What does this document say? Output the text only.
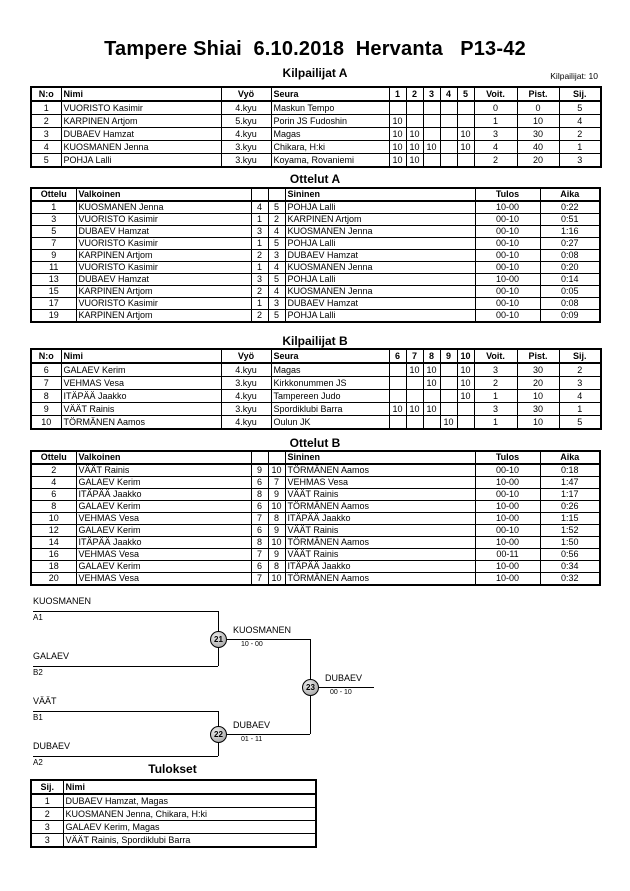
Tampere Shiai  6.10.2018  Hervanta   P13-42
Kilpailijat: 10
Kilpailijat A
N:o	Nimi	Vyö	Seura	1	2	3	4	5	Voit.	Pist.	Sij.
1	VUORISTO Kasimir	4.kyu	Maskun Tempo						0	0	5
2	KARPINEN Artjom	5.kyu	Porin JS Fudoshin	10					1	10	4
3	DUBAEV Hamzat	4.kyu	Magas	10	10			10	3	30	2
4	KUOSMANEN Jenna	3.kyu	Chikara, H:ki	10	10	10		10	4	40	1
5	POHJA Lalli	3.kyu	Koyama, Rovaniemi	10	10				2	20	3
Ottelut A
Ottelu	Valkoinen			Sininen	Tulos	Aika
1	KUOSMANEN Jenna	4	5	POHJA Lalli	10-00	0:22
3	VUORISTO Kasimir	1	2	KARPINEN Artjom	00-10	0:51
5	DUBAEV Hamzat	3	4	KUOSMANEN Jenna	00-10	1:16
7	VUORISTO Kasimir	1	5	POHJA Lalli	00-10	0:27
9	KARPINEN Artjom	2	3	DUBAEV Hamzat	00-10	0:08
11	VUORISTO Kasimir	1	4	KUOSMANEN Jenna	00-10	0:20
13	DUBAEV Hamzat	3	5	POHJA Lalli	10-00	0:14
15	KARPINEN Artjom	2	4	KUOSMANEN Jenna	00-10	0:05
17	VUORISTO Kasimir	1	3	DUBAEV Hamzat	00-10	0:08
19	KARPINEN Artjom	2	5	POHJA Lalli	00-10	0:09
Kilpailijat B
N:o	Nimi	Vyö	Seura	6	7	8	9	10	Voit.	Pist.	Sij.
6	GALAEV Kerim	4.kyu	Magas		10	10		10	3	30	2
7	VEHMAS Vesa	3.kyu	Kirkkonummen JS			10		10	2	20	3
8	ITÄPÄÄ Jaakko	4.kyu	Tampereen Judo					10	1	10	4
9	VÄÄT Rainis	3.kyu	Spordiklubi Barra	10	10	10			3	30	1
10	TÖRMÄNEN Aamos	4.kyu	Oulun JK				10		1	10	5
Ottelut B
Ottelu	Valkoinen			Sininen	Tulos	Aika
2	VÄÄT Rainis	9	10	TÖRMÄNEN Aamos	00-10	0:18
4	GALAEV Kerim	6	7	VEHMAS Vesa	10-00	1:47
6	ITÄPÄÄ Jaakko	8	9	VÄÄT Rainis	00-10	1:17
8	GALAEV Kerim	6	10	TÖRMÄNEN Aamos	10-00	0:26
10	VEHMAS Vesa	7	8	ITÄPÄÄ Jaakko	10-00	1:15
12	GALAEV Kerim	6	9	VÄÄT Rainis	00-10	1:52
14	ITÄPÄÄ Jaakko	8	10	TÖRMÄNEN Aamos	10-00	1:50
16	VEHMAS Vesa	7	9	VÄÄT Rainis	00-11	0:56
18	GALAEV Kerim	6	8	ITÄPÄÄ Jaakko	10-00	0:34
20	VEHMAS Vesa	7	10	TÖRMÄNEN Aamos	10-00	0:32
KUOSMANEN
A1
GALAEV
B2
21
KUOSMANEN
10 - 00
23
DUBAEV
00 - 10
VÄÄT
B1
DUBAEV
A2
22
DUBAEV
01 - 11
Tulokset
Sij.	Nimi
1	DUBAEV Hamzat, Magas
2	KUOSMANEN Jenna, Chikara, H:ki
3	GALAEV Kerim, Magas
3	VÄÄT Rainis, Spordiklubi Barra
